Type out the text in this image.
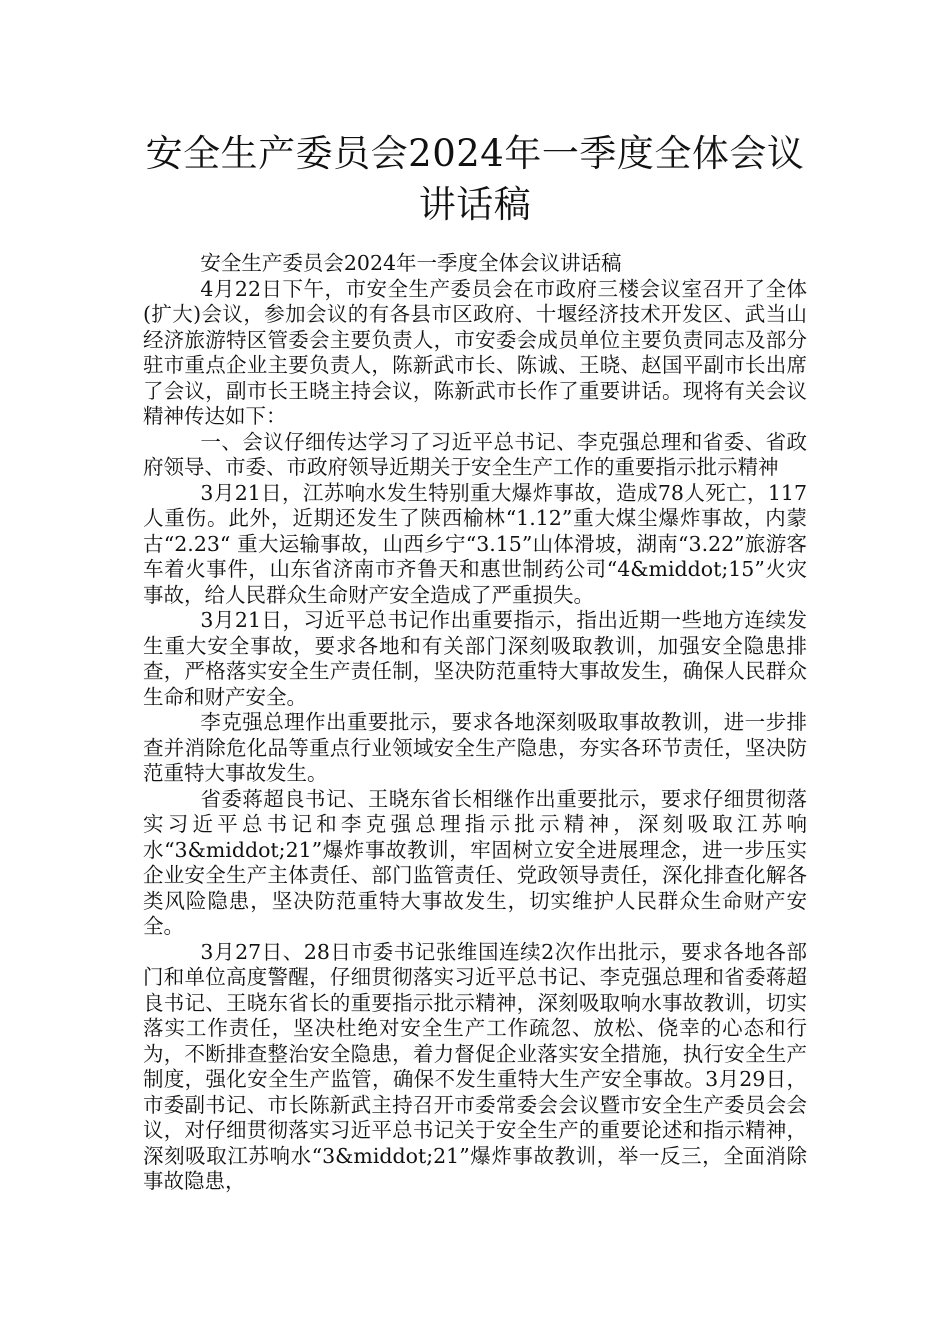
安全生产委员会2024年一季度全体会议讲话稿

安全生产委员会2024年一季度全体会议讲话稿

4月22日下午，市安全生产委员会在市政府三楼会议室召开了全体(扩大)会议，参加会议的有各县市区政府、十堰经济技术开发区、武当山经济旅游特区管委会主要负责人，市安委会成员单位主要负责同志及部分驻市重点企业主要负责人，陈新武市长、陈诚、王晓、赵国平副市长出席了会议，副市长王晓主持会议，陈新武市长作了重要讲话。现将有关会议精神传达如下：

一、会议仔细传达学习了习近平总书记、李克强总理和省委、省政府领导、市委、市政府领导近期关于安全生产工作的重要指示批示精神

3月21日，江苏响水发生特别重大爆炸事故，造成78人死亡，117人重伤。此外，近期还发生了陕西榆林“1.12”重大煤尘爆炸事故，内蒙古“2.23“ 重大运输事故，山西乡宁“3.15”山体滑坡，湖南“3.22”旅游客车着火事件，山东省济南市齐鲁天和惠世制药公司“4&middot;15”火灾事故，给人民群众生命财产安全造成了严重损失。

3月21日，习近平总书记作出重要指示，指出近期一些地方连续发生重大安全事故，要求各地和有关部门深刻吸取教训，加强安全隐患排查，严格落实安全生产责任制，坚决防范重特大事故发生，确保人民群众生命和财产安全。

李克强总理作出重要批示，要求各地深刻吸取事故教训，进一步排查并消除危化品等重点行业领域安全生产隐患，夯实各环节责任，坚决防范重特大事故发生。

省委蒋超良书记、王晓东省长相继作出重要批示，要求仔细贯彻落实习近平总书记和李克强总理指示批示精神，深刻吸取江苏响水“3&middot;21”爆炸事故教训，牢固树立安全进展理念，进一步压实企业安全生产主体责任、部门监管责任、党政领导责任，深化排查化解各类风险隐患，坚决防范重特大事故发生，切实维护人民群众生命财产安全。

3月27日、28日市委书记张维国连续2次作出批示，要求各地各部门和单位高度警醒，仔细贯彻落实习近平总书记、李克强总理和省委蒋超良书记、王晓东省长的重要指示批示精神，深刻吸取响水事故教训，切实落实工作责任，坚决杜绝对安全生产工作疏忽、放松、侥幸的心态和行为，不断排查整治安全隐患，着力督促企业落实安全措施，执行安全生产制度，强化安全生产监管，确保不发生重特大生产安全事故。3月29日，市委副书记、市长陈新武主持召开市委常委会会议暨市安全生产委员会会议，对仔细贯彻落实习近平总书记关于安全生产的重要论述和指示精神，深刻吸取江苏响水“3&middot;21”爆炸事故教训，举一反三，全面消除事故隐患，
